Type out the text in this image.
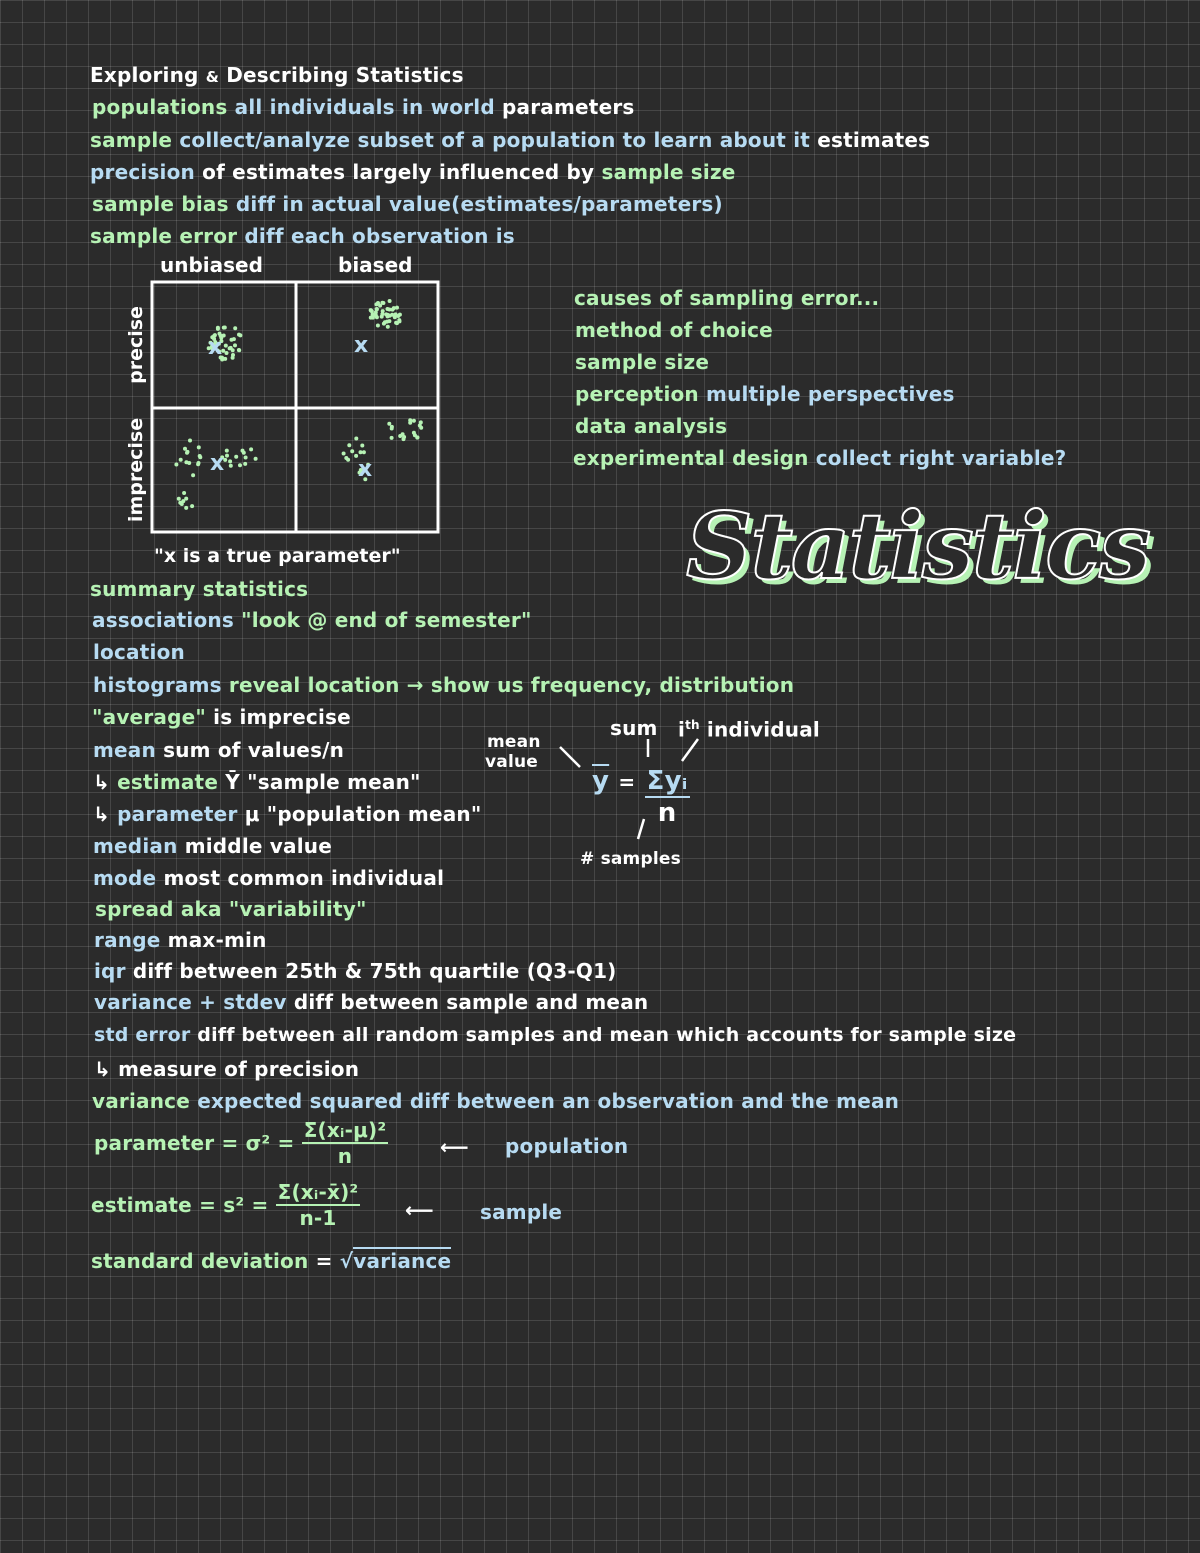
Exploring & Describing Statistics
populations all individuals in world parameters
sample collect/analyze subset of a population to learn about it estimates
precision of estimates largely influenced by sample size
sample bias diff in actual value(estimates/parameters)
sample error diff each observation is
unbiased	biased
precise
imprecise
x	x
x	x
"x is a true parameter"
causes of sampling error...
method of choice
sample size
perception multiple perspectives
data analysis
experimental design collect right variable?
Statistics
summary statistics
associations "look @ end of semester"
location
histograms reveal location → show us frequency, distribution
"average" is imprecise
mean sum of values/n
↳ estimate Ȳ "sample mean"
↳ parameter μ "population mean"
median middle value
mode most common individual
spread aka "variability"
range max-min
iqr diff between 25th & 75th quartile (Q3-Q1)
variance + stdev diff between sample and mean
std error diff between all random samples and mean which accounts for sample size
↳ measure of precision
variance expected squared diff between an observation and the mean
parameter = $\sigma^2 = \frac{\text{Σ(xᵢ-μ)²}}{n}$	⟵ population
estimate = $s^2 = \frac{\text{Σ(xᵢ-x̄)²}}{n-1}$ ⟵ sample
standard deviation = √variance
sum $i^{th}$ individual
mean
value
$\overline{y} = \frac{\text{Σyᵢ}}{n}$
# samples
